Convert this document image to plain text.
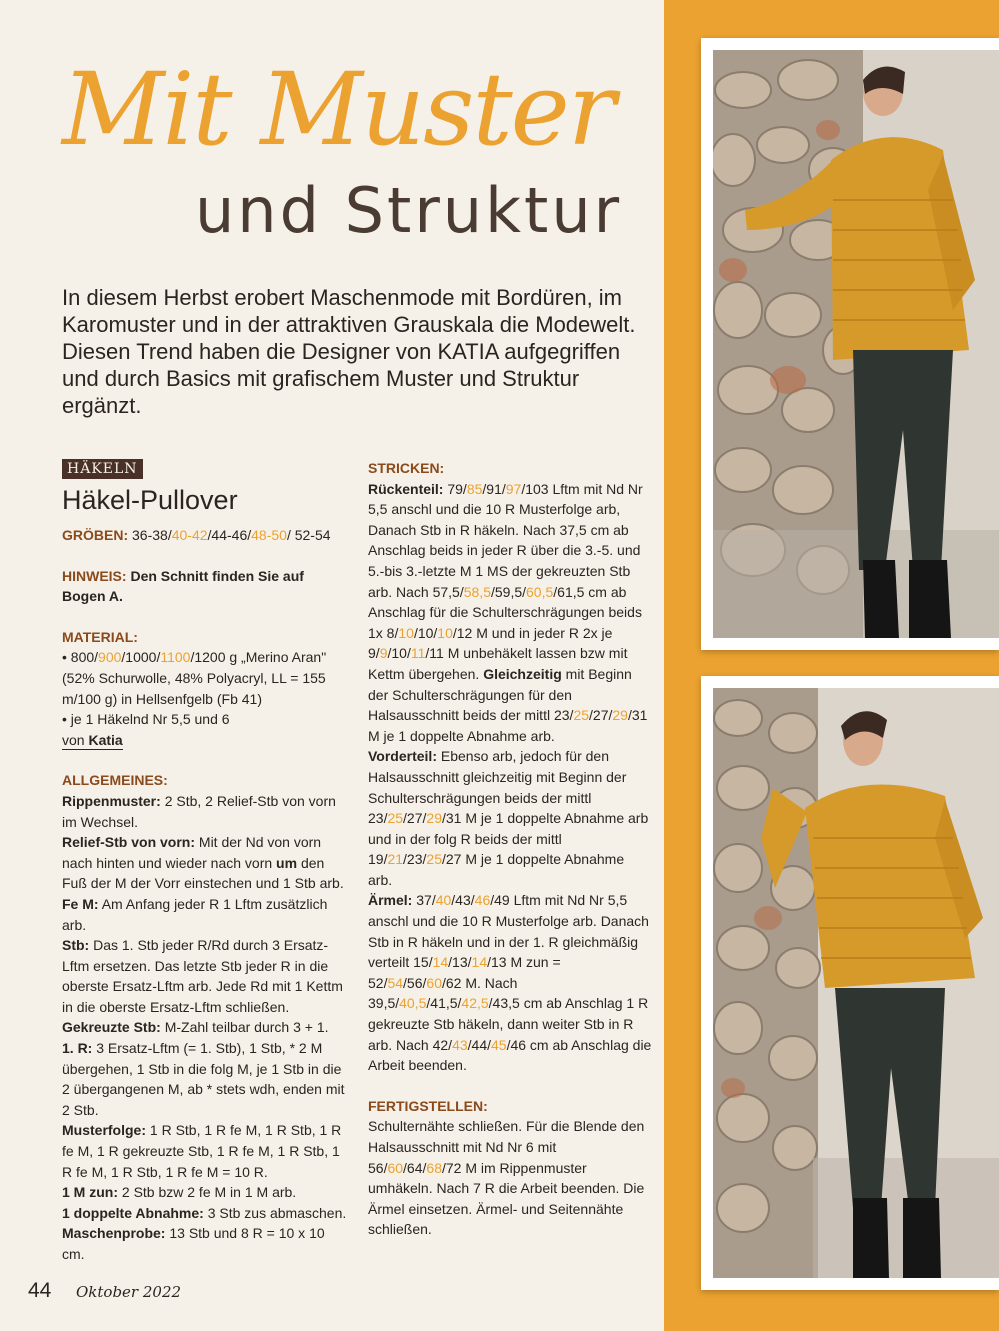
Mit Muster
und Struktur

In diesem Herbst erobert Maschenmode mit Bordüren, im Karomuster und in der attraktiven Grauskala die Modewelt. Diesen Trend haben die Designer von KATIA aufgegriffen und durch Basics mit grafischem Muster und Struktur ergänzt.

HÄKELN
Häkel-Pullover

GRÖBEN: 36-38/40-42/44-46/48-50/ 52-54

HINWEIS: Den Schnitt finden Sie auf Bogen A.

MATERIAL:

• 800/900/1000/1100/1200 g „Merino Aran" (52% Schurwolle, 48% Polyacryl, LL = 155 m/100 g) in Hellsenfgelb (Fb 41)

• je 1 Häkelnd Nr 5,5 und 6

von Katia

ALLGEMEINES:

Rippenmuster: 2 Stb, 2 Relief-Stb von vorn im Wechsel.

Relief-Stb von vorn: Mit der Nd von vorn nach hinten und wieder nach vorn um den Fuß der M der Vorr einstechen und 1 Stb arb.

Fe M: Am Anfang jeder R 1 Lftm zusätzlich arb.

Stb: Das 1. Stb jeder R/Rd durch 3 Ersatz-Lftm ersetzen. Das letzte Stb jeder R in die oberste Ersatz-Lftm arb. Jede Rd mit 1 Kettm in die oberste Ersatz-Lftm schließen.

Gekreuzte Stb: M-Zahl teilbar durch 3 + 1.

1. R: 3 Ersatz-Lftm (= 1. Stb), 1 Stb, * 2 M übergehen, 1 Stb in die folg M, je 1 Stb in die 2 übergangenen M, ab * stets wdh, enden mit 2 Stb.

Musterfolge: 1 R Stb, 1 R fe M, 1 R Stb, 1 R fe M, 1 R gekreuzte Stb, 1 R fe M, 1 R Stb, 1 R fe M, 1 R Stb, 1 R fe M = 10 R.

1 M zun: 2 Stb bzw 2 fe M in 1 M arb.

1 doppelte Abnahme: 3 Stb zus abmaschen.

Maschenprobe: 13 Stb und 8 R = 10 x 10 cm.

STRICKEN:

Rückenteil: 79/85/91/97/103 Lftm mit Nd Nr 5,5 anschl und die 10 R Musterfolge arb, Danach Stb in R häkeln. Nach 37,5 cm ab Anschlag beids in jeder R über die 3.-5. und 5.-bis 3.-letzte M 1 MS der gekreuzten Stb arb. Nach 57,5/58,5/59,5/60,5/61,5 cm ab Anschlag für die Schulterschrägungen beids 1x 8/10/10/10/12 M und in jeder R 2x je 9/9/10/11/11 M unbehäkelt lassen bzw mit Kettm übergehen. Gleichzeitig mit Beginn der Schulterschrägungen für den Halsausschnitt beids der mittl 23/25/27/29/31 M je 1 doppelte Abnahme arb.

Vorderteil: Ebenso arb, jedoch für den Halsausschnitt gleichzeitig mit Beginn der Schulterschrägungen beids der mittl 23/25/27/29/31 M je 1 doppelte Abnahme arb und in der folg R beids der mittl 19/21/23/25/27 M je 1 doppelte Abnahme arb.

Ärmel: 37/40/43/46/49 Lftm mit Nd Nr 5,5 anschl und die 10 R Musterfolge arb. Danach Stb in R häkeln und in der 1. R gleichmäßig verteilt 15/14/13/14/13 M zun = 52/54/56/60/62 M. Nach 39,5/40,5/41,5/42,5/43,5 cm ab Anschlag 1 R gekreuzte Stb häkeln, dann weiter Stb in R arb. Nach 42/43/44/45/46 cm ab Anschlag die Arbeit beenden.

FERTIGSTELLEN:

Schulternähte schließen. Für die Blende den Halsausschnitt mit Nd Nr 6 mit 56/60/64/68/72 M im Rippenmuster umhäkeln. Nach 7 R die Arbeit beenden. Die Ärmel einsetzen. Ärmel- und Seitennähte schließen.

44 Oktober 2022
